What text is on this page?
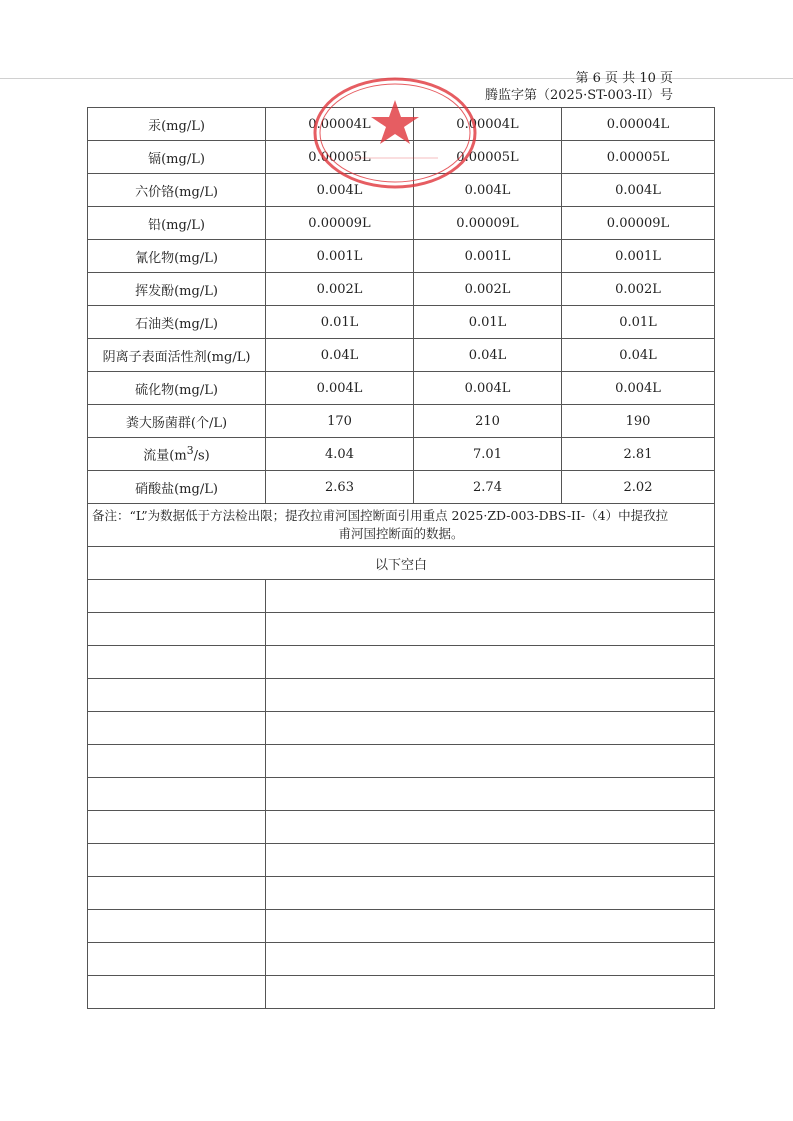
第 6 页 共 10 页
腾监字第（2025·ST-003-II）号
汞(mg/L)	0.00004L	0.00004L	0.00004L
镉(mg/L)	0.00005L	0.00005L	0.00005L
六价铬(mg/L)	0.004L	0.004L	0.004L
铅(mg/L)	0.00009L	0.00009L	0.00009L
氰化物(mg/L)	0.001L	0.001L	0.001L
挥发酚(mg/L)	0.002L	0.002L	0.002L
石油类(mg/L)	0.01L	0.01L	0.01L
阴离子表面活性剂(mg/L)	0.04L	0.04L	0.04L
硫化物(mg/L)	0.004L	0.004L	0.004L
粪大肠菌群(个/L)	170	210	190
流量$(m^3/s)$	4.04	7.01	2.81
硝酸盐(mg/L)	2.63	2.74	2.02
备注：“L”为数据低于方法检出限；提孜拉甫河国控断面引用重点 2025·ZD-003-DBS-II-（4）中提孜拉
甫河国控断面的数据。			

以下空白			
